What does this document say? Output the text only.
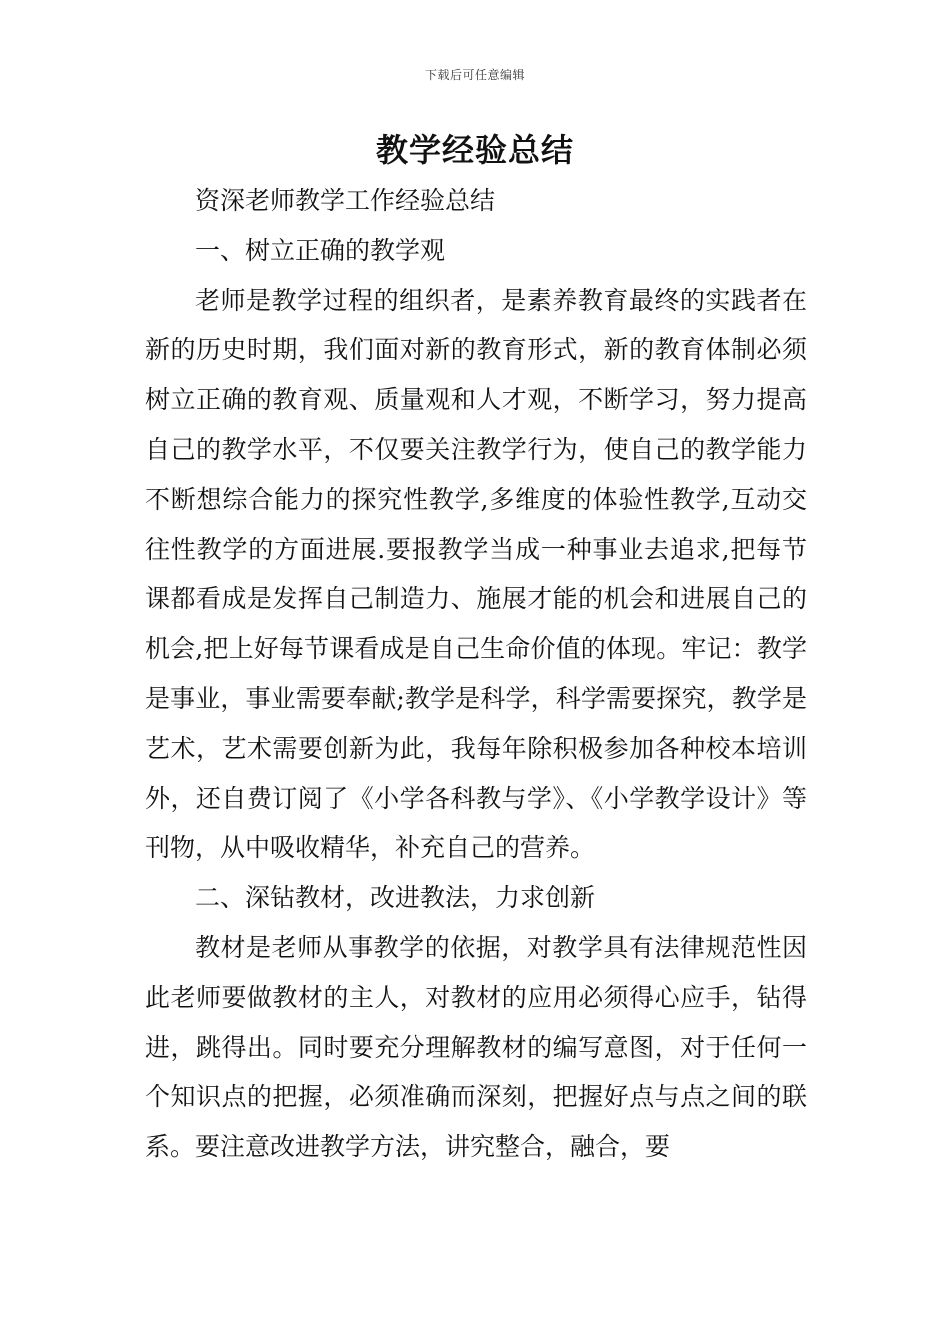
下载后可任意编辑
教学经验总结

资深老师教学工作经验总结

一、树立正确的教学观

老师是教学过程的组织者，是素养教育最终的实践者在新的历史时期，我们面对新的教育形式，新的教育体制必须树立正确的教育观、质量观和人才观，不断学习，努力提高自己的教学水平，不仅要关注教学行为，使自己的教学能力不断想综合能力的探究性教学,多维度的体验性教学,互动交往性教学的方面进展.要报教学当成一种事业去追求,把每节课都看成是发挥自己制造力、施展才能的机会和进展自己的机会,把上好每节课看成是自己生命价值的体现。牢记：教学是事业，事业需要奉献;教学是科学，科学需要探究，教学是艺术，艺术需要创新为此，我每年除积极参加各种校本培训外，还自费订阅了《小学各科教与学》、《小学教学设计》等刊物，从中吸收精华，补充自己的营养。

二、深钻教材，改进教法，力求创新

教材是老师从事教学的依据，对教学具有法律规范性因此老师要做教材的主人，对教材的应用必须得心应手，钻得进，跳得出。同时要充分理解教材的编写意图，对于任何一个知识点的把握，必须准确而深刻，把握好点与点之间的联系。要注意改进教学方法，讲究整合，融合，要
